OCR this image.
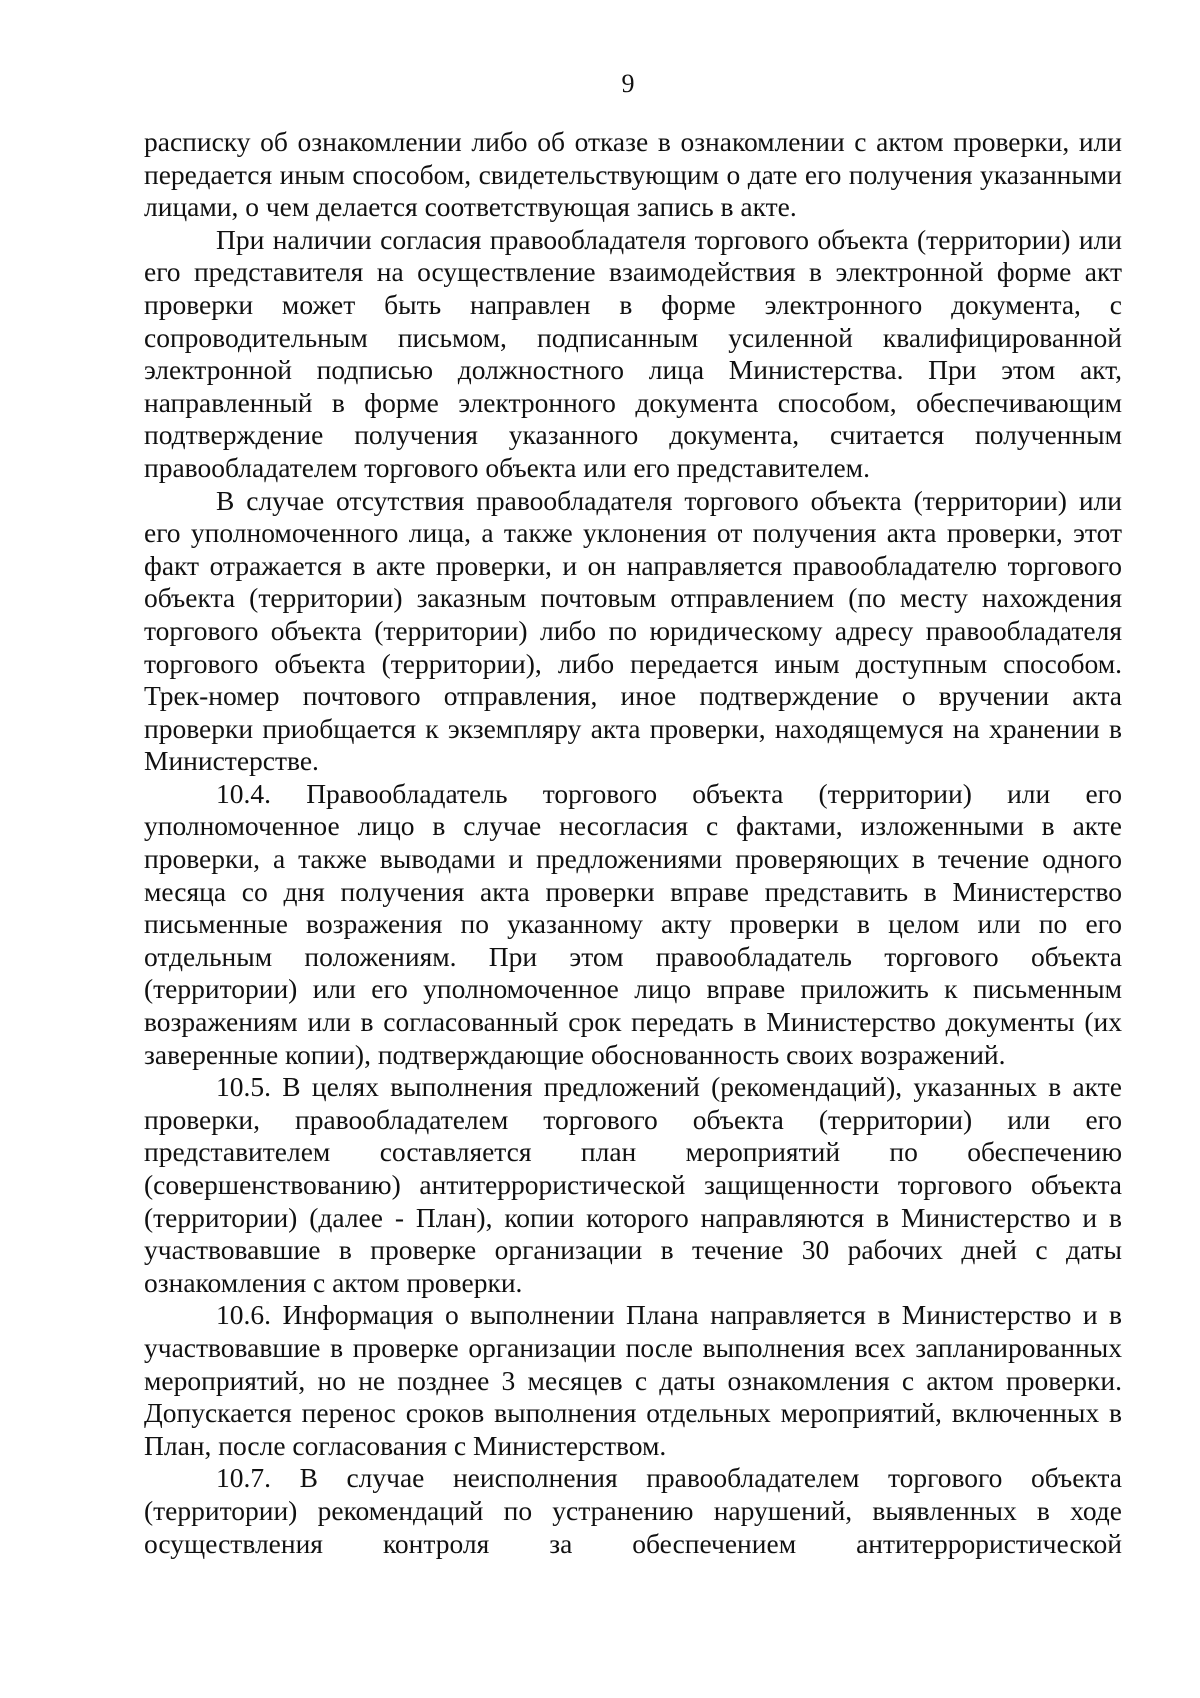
9

расписку об ознакомлении либо об отказе в ознакомлении с актом проверки, или передается иным способом, свидетельствующим о дате его получения указанными лицами, о чем делается соответствующая запись в акте.

При наличии согласия правообладателя торгового объекта (территории) или его представителя на осуществление взаимодействия в электронной форме акт проверки может быть направлен в форме электронного документа, с сопроводительным письмом, подписанным усиленной квалифицированной электронной подписью должностного лица Министерства. При этом акт, направленный в форме электронного документа способом, обеспечивающим подтверждение получения указанного документа, считается полученным правообладателем торгового объекта или его представителем.

В случае отсутствия правообладателя торгового объекта (территории) или его уполномоченного лица, а также уклонения от получения акта проверки, этот факт отражается в акте проверки, и он направляется правообладателю торгового объекта (территории) заказным почтовым отправлением (по месту нахождения торгового объекта (территории) либо по юридическому адресу правообладателя торгового объекта (территории), либо передается иным доступным способом. Трек-номер почтового отправления, иное подтверждение о вручении акта проверки приобщается к экземпляру акта проверки, находящемуся на хранении в Министерстве.

10.4. Правообладатель торгового объекта (территории) или его уполномоченное лицо в случае несогласия с фактами, изложенными в акте проверки, а также выводами и предложениями проверяющих в течение одного месяца со дня получения акта проверки вправе представить в Министерство письменные возражения по указанному акту проверки в целом или по его отдельным положениям. При этом правообладатель торгового объекта (территории) или его уполномоченное лицо вправе приложить к письменным возражениям или в согласованный срок передать в Министерство документы (их заверенные копии), подтверждающие обоснованность своих возражений.

10.5. В целях выполнения предложений (рекомендаций), указанных в акте проверки, правообладателем торгового объекта (территории) или его представителем составляется план мероприятий по обеспечению (совершенствованию) антитеррористической защищенности торгового объекта (территории) (далее - План), копии которого направляются в Министерство и в участвовавшие в проверке организации в течение 30 рабочих дней с даты ознакомления с актом проверки.

10.6. Информация о выполнении Плана направляется в Министерство и в участвовавшие в проверке организации после выполнения всех запланированных мероприятий, но не позднее 3 месяцев с даты ознакомления с актом проверки. Допускается перенос сроков выполнения отдельных мероприятий, включенных в План, после согласования с Министерством.

10.7. В случае неисполнения правообладателем торгового объекта (территории) рекомендаций по устранению нарушений, выявленных в ходе осуществления контроля за обеспечением антитеррористической
